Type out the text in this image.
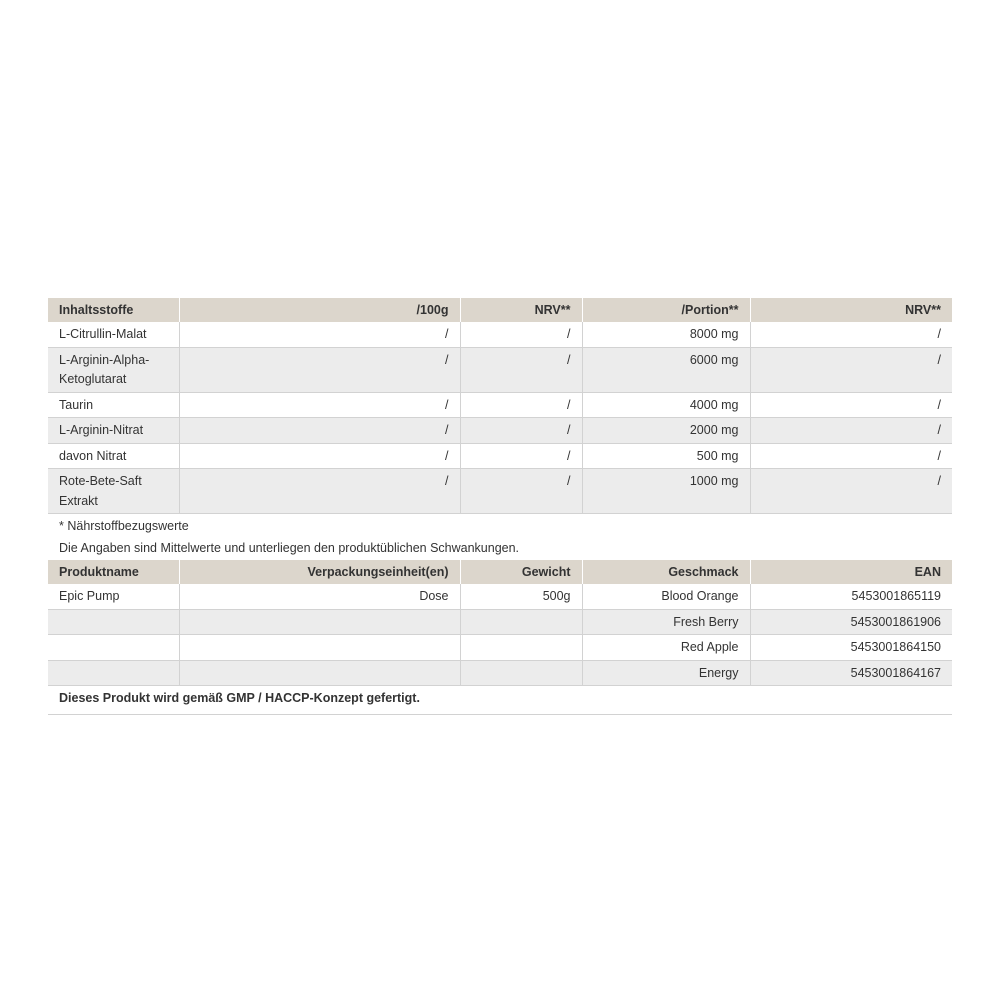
Inhaltsstoffe	/100g	NRV**	/Portion**	NRV**
L-Citrullin-Malat	/	/	8000 mg	/
L-Arginin-Alpha-Ketoglutarat	/	/	6000 mg	/
Taurin	/	/	4000 mg	/
L-Arginin-Nitrat	/	/	2000 mg	/
davon Nitrat	/	/	500 mg	/
Rote-Bete-Saft Extrakt	/	/	1000 mg	/
* Nährstoffbezugswerte				
Die Angaben sind Mittelwerte und unterliegen den produktüblichen Schwankungen.				
Produktname	Verpackungseinheit(en)	Gewicht	Geschmack	EAN
Epic Pump	Dose	500g	Blood Orange	5453001865119
			Fresh Berry	5453001861906
			Red Apple	5453001864150
			Energy	5453001864167
Dieses Produkt wird gemäß GMP / HACCP-Konzept gefertigt.				
